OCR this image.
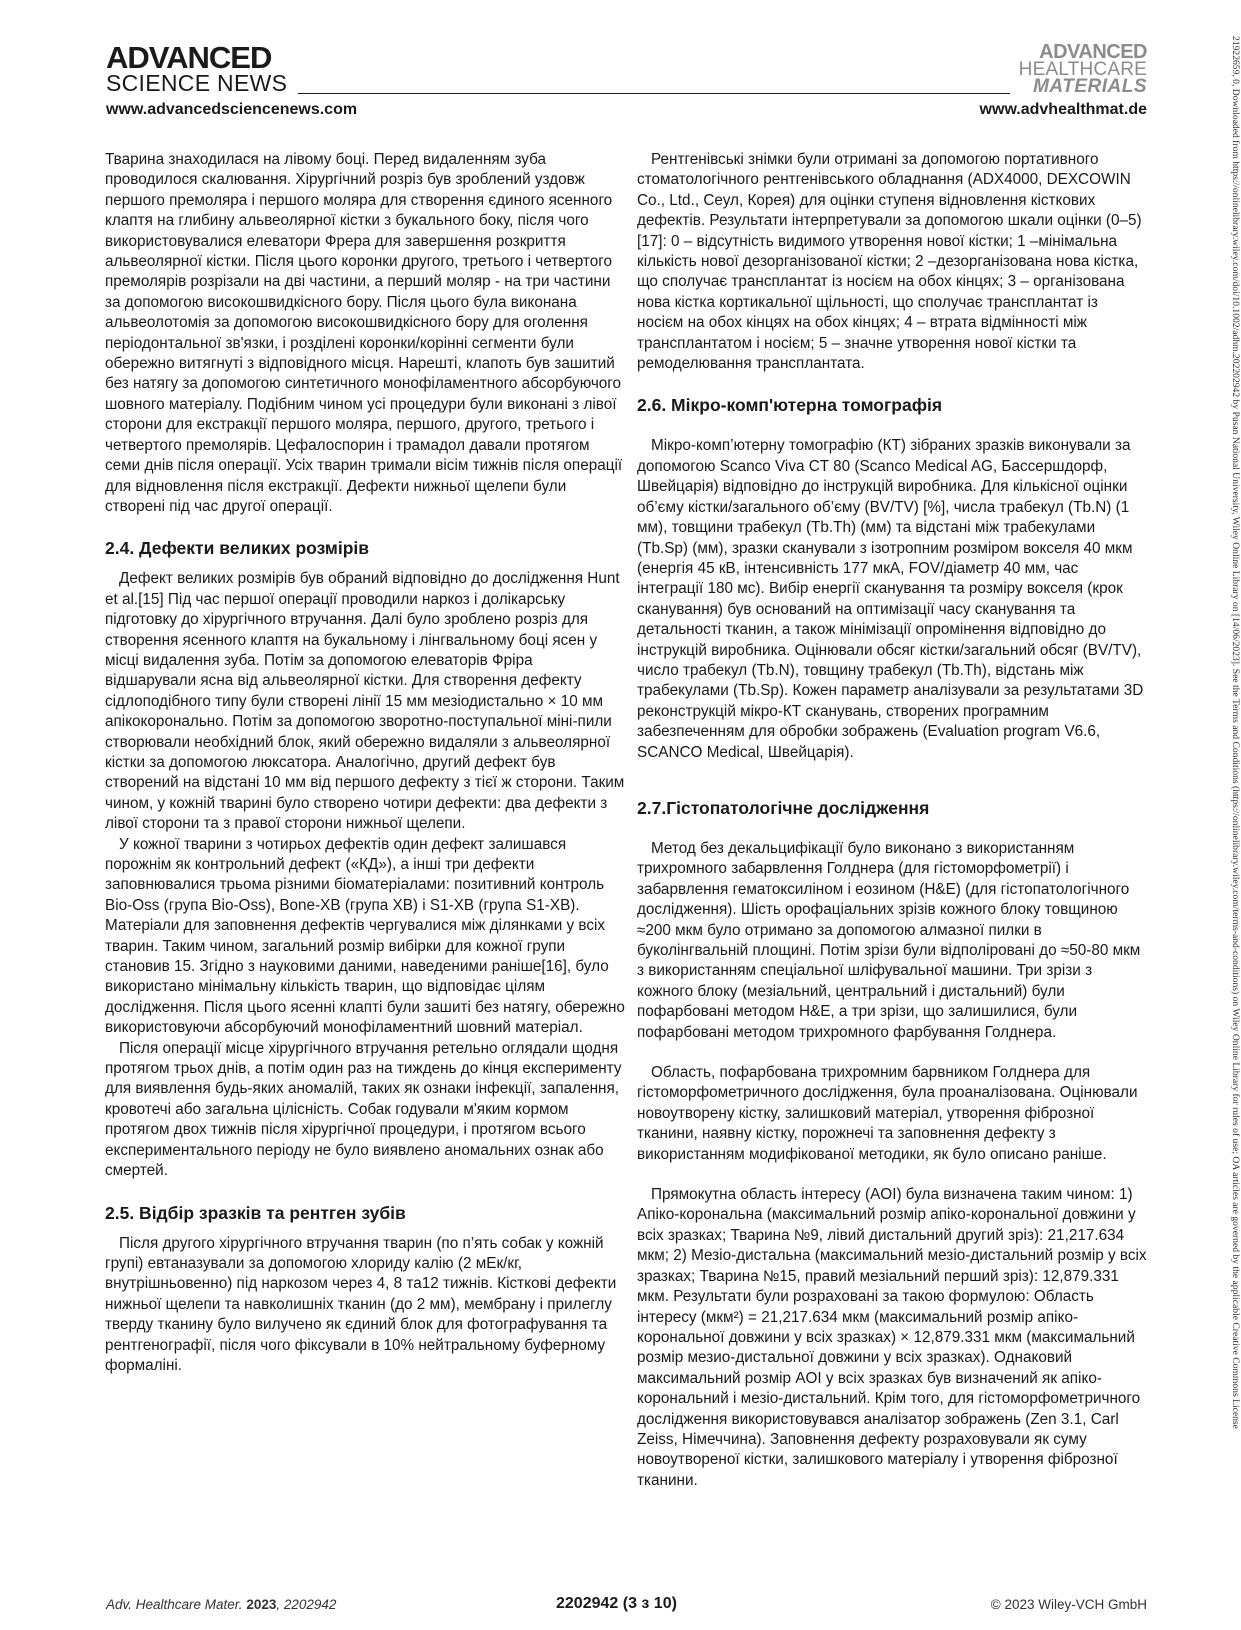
ADVANCED
SCIENCE NEWS
ADVANCED
HEALTHCARE
MATERIALS
www.advancedsciencenews.com	www.advhealthmat.de	21922659, 0, Downloaded from https://onlinelibrary.wiley.com/doi/10.1002/adhm.202202942 by Pusan National University, Wiley Online Library on [14/06/2023]. See the Terms and Conditions (https://onlinelibrary.wiley.com/terms-and-conditions) on Wiley Online Library for rules of use; OA articles are governed by the applicable Creative Commons License

Тварина знаходилася на лівому боці. Перед видаленням зуба проводилося скалювання. Хірургічний розріз був зроблений уздовж першого премоляра і першого моляра для створення єдиного ясенного клаптя на глибину альвеолярної кістки з букального боку, після чого використовувалися елеватори Фрера для завершення розкриття альвеолярної кістки. Після цього коронки другого, третього і четвертого премолярів розрізали на дві частини, а перший моляр - на три частини за допомогою високошвидкісного бору. Після цього була виконана альвеолотомія за допомогою високошвидкісного бору для оголення періодонтальної зв'язки, і розділені коронки/корінні сегменти були обережно витягнуті з відповідного місця. Нарешті, клапоть був зашитий без натягу за допомогою синтетичного монофіламентного абсорбуючого шовного матеріалу. Подібним чином усі процедури були виконані з лівої сторони для екстракції першого моляра, першого, другого, третього і четвертого премолярів. Цефалоспорин і трамадол давали протягом семи днів після операції. Усіх тварин тримали вісім тижнів після операції для відновлення після екстракції. Дефекти нижньої щелепи були створені під час другої операції.

2.4. Дефекти великих розмірів

Дефект великих розмірів був обраний відповідно до дослідження Hunt et al.[15] Під час першої операції проводили наркоз і долікарську підготовку до хірургічного втручання. Далі було зроблено розріз для створення ясенного клаптя на букальному і лінгвальному боці ясен у місці видалення зуба. Потім за допомогою елеваторів Фріра відшарували ясна від альвеолярної кістки. Для створення дефекту сідлоподібного типу були створені лінії 15 мм мезіодистально × 10 мм апікокоронально. Потім за допомогою зворотно-поступальної міні-пили створювали необхідний блок, який обережно видаляли з альвеолярної кістки за допомогою люксатора. Аналогічно, другий дефект був створений на відстані 10 мм від першого дефекту з тієї ж сторони. Таким чином, у кожній тварині було створено чотири дефекти: два дефекти з лівої сторони та з правої сторони нижньої щелепи.

У кожної тварини з чотирьох дефектів один дефект залишався порожнім як контрольний дефект («КД»), а інші три дефекти заповнювалися трьома різними біоматеріалами: позитивний контроль Bio-Oss (група Bio-Oss), Bone-XB (група XB) і S1-XB (група S1-XB). Матеріали для заповнення дефектів чергувалися між ділянками у всіх тварин. Таким чином, загальний розмір вибірки для кожної групи становив 15. Згідно з науковими даними, наведеними раніше[16], було використано мінімальну кількість тварин, що відповідає цілям дослідження. Після цього ясенні клапті були зашиті без натягу, обережно використовуючи абсорбуючий монофіламентний шовний матеріал.

Після операції місце хірургічного втручання ретельно оглядали щодня протягом трьох днів, а потім один раз на тиждень до кінця експерименту для виявлення будь-яких аномалій, таких як ознаки інфекції, запалення, кровотечі або загальна цілісність. Собак годували м'яким кормом протягом двох тижнів після хірургічної процедури, і протягом всього експериментального періоду не було виявлено аномальних ознак або смертей.

2.5. Відбір зразків та рентген зубів

Після другого хірургічного втручання тварин (по п’ять собак у кожній групі) евтаназували за допомогою хлориду калію (2 мЕк/кг, внутрішньовенно) під наркозом через 4, 8 та12 тижнів. Кісткові дефекти нижньої щелепи та навколишніх тканин (до 2 мм), мембрану і прилеглу тверду тканину було вилучено як єдиний блок для фотографування та рентгенографії, після чого фіксували в 10% нейтральному буферному формаліні.

Рентгенівські знімки були отримані за допомогою портативного стоматологічного рентгенівського обладнання (ADX4000, DEXCOWIN Co., Ltd., Сеул, Корея) для оцінки ступеня відновлення кісткових дефектів. Результати інтерпретували за допомогою шкали оцінки (0–5) [17]: 0 – відсутність видимого утворення нової кістки; 1 –мінімальна кількість нової дезорганізованої кістки; 2 –дезорганізована нова кістка, що сполучає трансплантат із носієм на обох кінцях; 3 – організована нова кістка кортикальної щільності, що сполучає трансплантат із носієм на обох кінцях на обох кінцях; 4 – втрата відмінності між трансплантатом і носієм; 5 – значне утворення нової кістки та ремоделювання трансплантата.

2.6. Мікро-комп'ютерна томографія

Мікро-комп’ютерну томографію (КТ) зібраних зразків виконували за допомогою Scanco Viva CT 80 (Scanco Medical AG, Бассершдорф, Швейцарія) відповідно до інструкцій виробника. Для кількісної оцінки об’єму кістки/загального об’єму (BV/TV) [%], числа трабекул (Tb.N) (1 мм), товщини трабекул (Tb.Th) (мм) та відстані між трабекулами (Tb.Sp) (мм), зразки сканували з ізотропним розміром вокселя 40 мкм (енергія 45 кВ, інтенсивність 177 мкА, FOV/діаметр 40 мм, час інтеграції 180 мс). Вибір енергії сканування та розміру вокселя (крок сканування) був оснований на оптимізації часу сканування та детальності тканин, а також мінімізації опромінення відповідно до інструкцій виробника. Оцінювали обсяг кістки/загальний обсяг (BV/TV), число трабекул (Tb.N), товщину трабекул (Tb.Th), відстань між трабекулами (Tb.Sp). Кожен параметр аналізували за результатами 3D реконструкцій мікро-КТ сканувань, створених програмним забезпеченням для обробки зображень (Evaluation program V6.6, SCANCO Medical, Швейцарія).

2.7.Гістопатологічне дослідження

Метод без декальцифікації було виконано з використанням трихромного забарвлення Голднера (для гістоморфометрії) і забарвлення гематоксиліном і еозином (H&E) (для гістопатологічного дослідження). Шість орофаціальних зрізів кожного блоку товщиною ≈200 мкм було отримано за допомогою алмазної пилки в буколінгвальній площині. Потім зрізи були відполіровані до ≈50-80 мкм з використанням спеціальної шліфувальної машини. Три зрізи з кожного блоку (мезіальний, центральний і дистальний) були пофарбовані методом H&E, а три зрізи, що залишилися, були пофарбовані методом трихромного фарбування Голднера.

Область, пофарбована трихромним барвником Голднера для гістоморфометричного дослідження, була проаналізована. Оцінювали новоутворену кістку, залишковий матеріал, утворення фіброзної тканини, наявну кістку, порожнечі та заповнення дефекту з використанням модифікованої методики, як було описано раніше.

Прямокутна область інтересу (AOI) була визначена таким чином: 1) Апіко-корональна (максимальний розмір апіко-корональної довжини у всіх зразках; Тварина №9, лівий дистальний другий зріз): 21,217.634 мкм; 2) Мезіо-дистальна (максимальний мезіо-дистальний розмір у всіх зразках; Тварина №15, правий мезіальний перший зріз): 12,879.331 мкм. Результати були розраховані за такою формулою: Область інтересу (мкм²) = 21,217.634 мкм (максимальний розмір апіко-корональної довжини у всіх зразках) × 12,879.331 мкм (максимальний розмір мезио-дистальної довжини у всіх зразках). Однаковий максимальний розмір AOI у всіх зразках був визначений як апіко-корональний і мезіо-дистальний. Крім того, для гістоморфометричного дослідження використовувався аналізатор зображень (Zen 3.1, Carl Zeiss, Німеччина). Заповнення дефекту розраховували як суму новоутвореної кістки, залишкового матеріалу і утворення фіброзної тканини.

Adv. Healthcare Mater. 2023, 2202942	2202942 (3 з 10)	© 2023 Wiley-VCH GmbH
